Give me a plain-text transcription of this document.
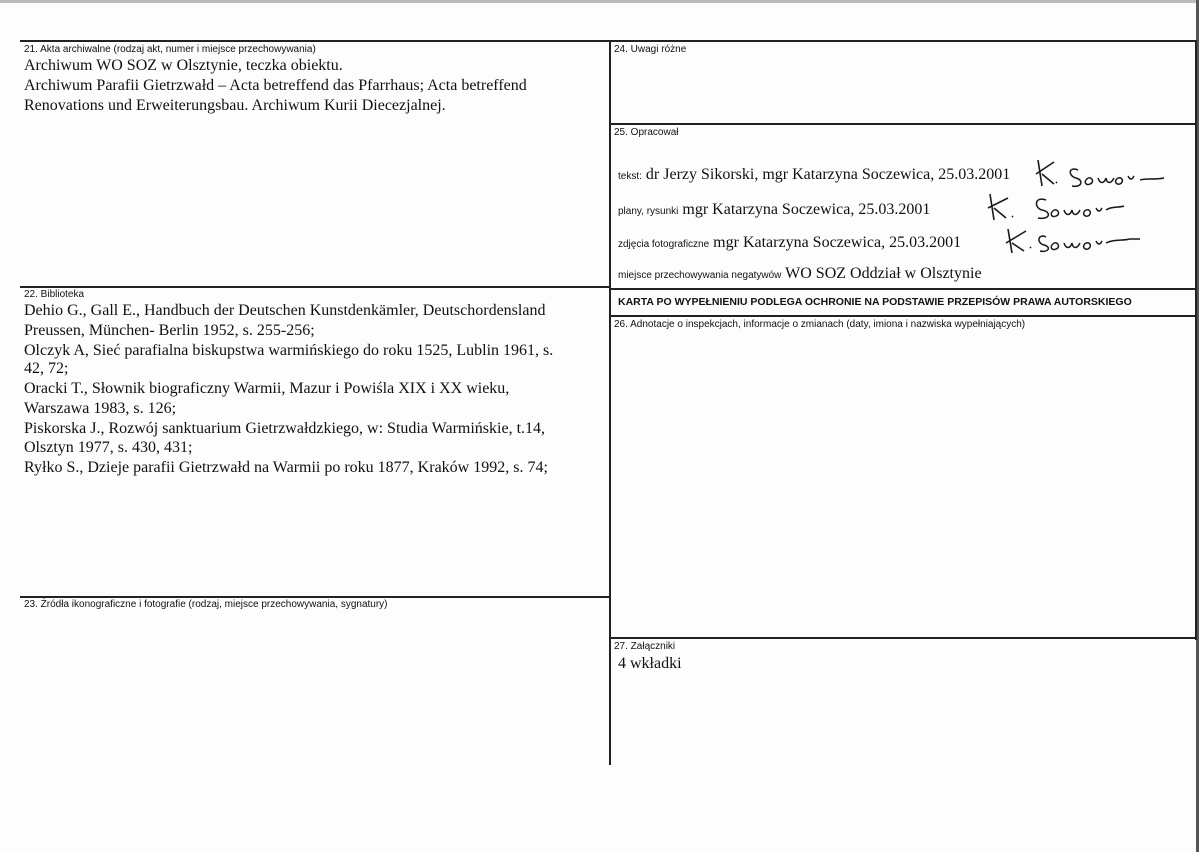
21. Akta archiwalne (rodzaj akt, numer i miejsce przechowywania)
Archiwum WO SOZ w Olsztynie, teczka obiektu.
Archiwum Parafii Gietrzwałd – Acta betreffend das Pfarrhaus; Acta betreffend
Renovations und Erweiterungsbau. Archiwum Kurii Diecezjalnej.
22. Biblioteka
Dehio G., Gall E., Handbuch der Deutschen Kunstdenkämler, Deutschordensland
Preussen, München- Berlin 1952, s. 255-256;
Olczyk A, Sieć parafialna biskupstwa warmińskiego do roku 1525, Lublin 1961, s.
42, 72;
Oracki T., Słownik biograficzny Warmii, Mazur i Powiśla XIX i XX wieku,
Warszawa 1983, s. 126;
Piskorska J., Rozwój sanktuarium Gietrzwałdzkiego, w: Studia Warmińskie, t.14,
Olsztyn 1977, s. 430, 431;
Ryłko S., Dzieje parafii Gietrzwałd na Warmii po roku 1877, Kraków 1992, s. 74;
23. Źródła ikonograficzne i fotografie (rodzaj, miejsce przechowywania, sygnatury)
24. Uwagi różne
25. Opracował
tekst: dr Jerzy Sikorski, mgr Katarzyna Soczewica, 25.03.2001
plany, rysunki mgr Katarzyna Soczewica, 25.03.2001
zdjęcia fotograficzne mgr Katarzyna Soczewica, 25.03.2001
miejsce przechowywania negatywów WO SOZ Oddział w Olsztynie
KARTA PO WYPEŁNIENIU PODLEGA OCHRONIE NA PODSTAWIE PRZEPISÓW PRAWA AUTORSKIEGO
26. Adnotacje o inspekcjach, informacje o zmianach (daty, imiona i nazwiska wypełniających)
27. Załączniki
4 wkładki
